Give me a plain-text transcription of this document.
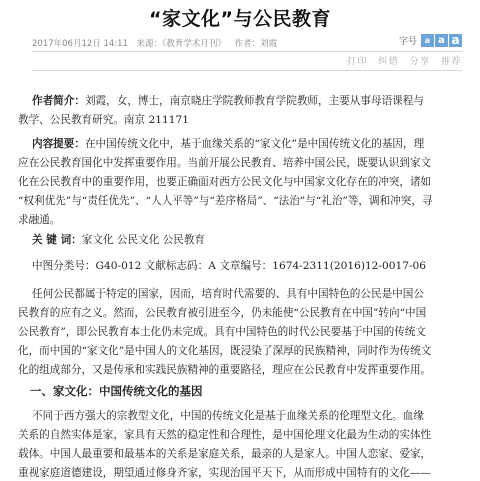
“家文化”与公民教育
2017年06月12日 14:11 来源：《教育学术月刊》 作者：刘霞	字号 a a a
打印 纠错 分享 推荐
作者简介：刘霞，女，博士，南京晓庄学院教师教育学院教师，主要从事母语课程与
教学、公民教育研究。南京 211171
内容提要：在中国传统文化中，基于血缘关系的“家文化”是中国传统文化的基因，理
应在公民教育国化中发挥重要作用。当前开展公民教育、培养中国公民，既要认识到家文
化在公民教育中的重要作用，也要正确面对西方公民文化与中国家文化存在的冲突，诸如
“权利优先”与“责任优先”、“人人平等”与“差序格局”、“法治”与“礼治”等，调和冲突，寻
求融通。
关 键 词：家文化 公民文化 公民教育
中图分类号：G40-012 文献标志码：A 文章编号：1674-2311(2016)12-0017-06
任何公民都属于特定的国家，因而，培育时代需要的、具有中国特色的公民是中国公
民教育的应有之义。然而，公民教育被引进至今，仍未能使“公民教育在中国”转向“中国
公民教育”，即公民教育本土化仍未完成。具有中国特色的时代公民要基于中国的传统文
化，而中国的“家文化”是中国人的文化基因，既浸染了深厚的民族精神，同时作为传统文
化的组成部分，又是传承和实践民族精神的重要路径，理应在公民教育中发挥重要作用。
一、家文化：中国传统文化的基因
不同于西方强大的宗教型文化，中国的传统文化是基于血缘关系的伦理型文化。血缘
关系的自然实体是家，家具有天然的稳定性和合理性，是中国伦理文化最为生动的实体性
载体。中国人最重要和最基本的关系是家庭关系，最亲的人是家人。中国人恋家、爱家，
重视家庭道德建设，期望通过修身齐家，实现治国平天下，从而形成中国特有的文化——
